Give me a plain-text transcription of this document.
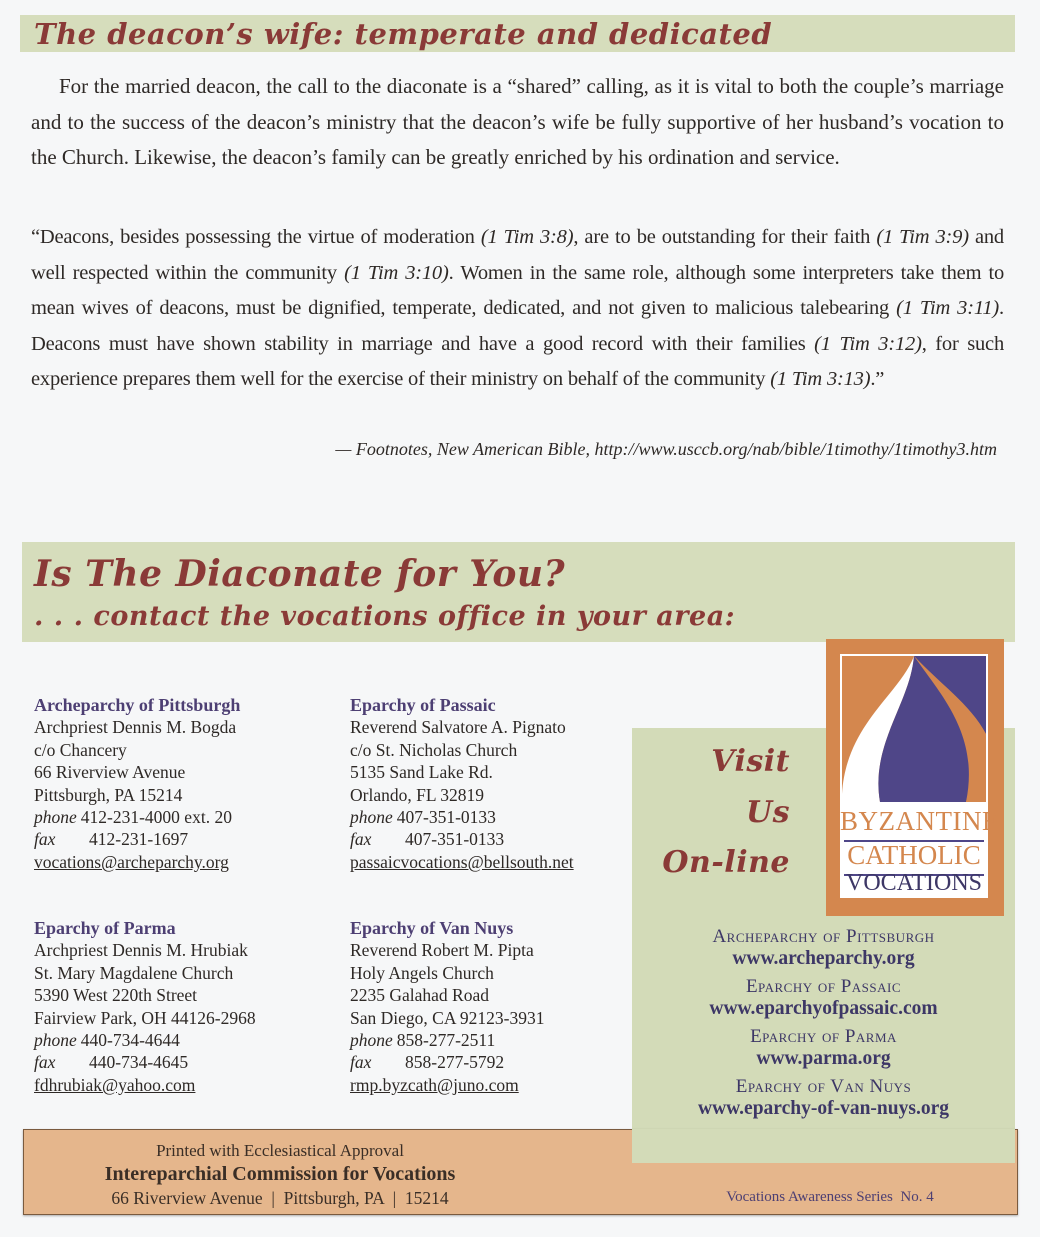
The deacon’s wife: temperate and dedicated
For the married deacon, the call to the diaconate is a “shared” calling, as it is vital to both the couple’s marriage and to the success of the deacon’s ministry that the deacon’s wife be fully supportive of her husband’s vocation to the Church. Likewise, the deacon’s family can be greatly enriched by his ordination and service.
“Deacons, besides possessing the virtue of moderation (1 Tim 3:8), are to be outstanding for their faith (1 Tim 3:9) and well respected within the community (1 Tim 3:10). Women in the same role, although some interpreters take them to mean wives of deacons, must be dignified, temperate, dedicated, and not given to malicious talebearing (1 Tim 3:11). Deacons must have shown stability in marriage and have a good record with their families (1 Tim 3:12), for such experience prepares them well for the exercise of their ministry on behalf of the community (1 Tim 3:13).”
— Footnotes, New American Bible, http://www.usccb.org/nab/bible/1timothy/1timothy3.htm
Is The Diaconate for You?
. . . contact the vocations office in your area:
BYZANTINE
CATHOLIC
VOCATIONS
Visit
Us
On-line
Archeparchy of Pittsburgh
www.archeparchy.org
Eparchy of Passaic
www.eparchyofpassaic.com
Eparchy of Parma
www.parma.org
Eparchy of Van Nuys
www.eparchy-of-van-nuys.org
Archeparchy of Pittsburgh
Archpriest Dennis M. Bogda
c/o Chancery
66 Riverview Avenue
Pittsburgh, PA 15214
phone 412-231-4000 ext. 20
fax 412-231-1697
vocations@archeparchy.org
Eparchy of Passaic
Reverend Salvatore A. Pignato
c/o St. Nicholas Church
5135 Sand Lake Rd.
Orlando, FL 32819
phone 407-351-0133
fax 407-351-0133
passaicvocations@bellsouth.net
Eparchy of Parma
Archpriest Dennis M. Hrubiak
St. Mary Magdalene Church
5390 West 220th Street
Fairview Park, OH 44126-2968
phone 440-734-4644
fax 440-734-4645
fdhrubiak@yahoo.com
Eparchy of Van Nuys
Reverend Robert M. Pipta
Holy Angels Church
2235 Galahad Road
San Diego, CA 92123-3931
phone 858-277-2511
fax 858-277-5792
rmp.byzcath@juno.com
Printed with Ecclesiastical Approval
Intereparchial Commission for Vocations
66 Riverview Avenue  |  Pittsburgh, PA  |  15214	Vocations Awareness Series  No. 4
